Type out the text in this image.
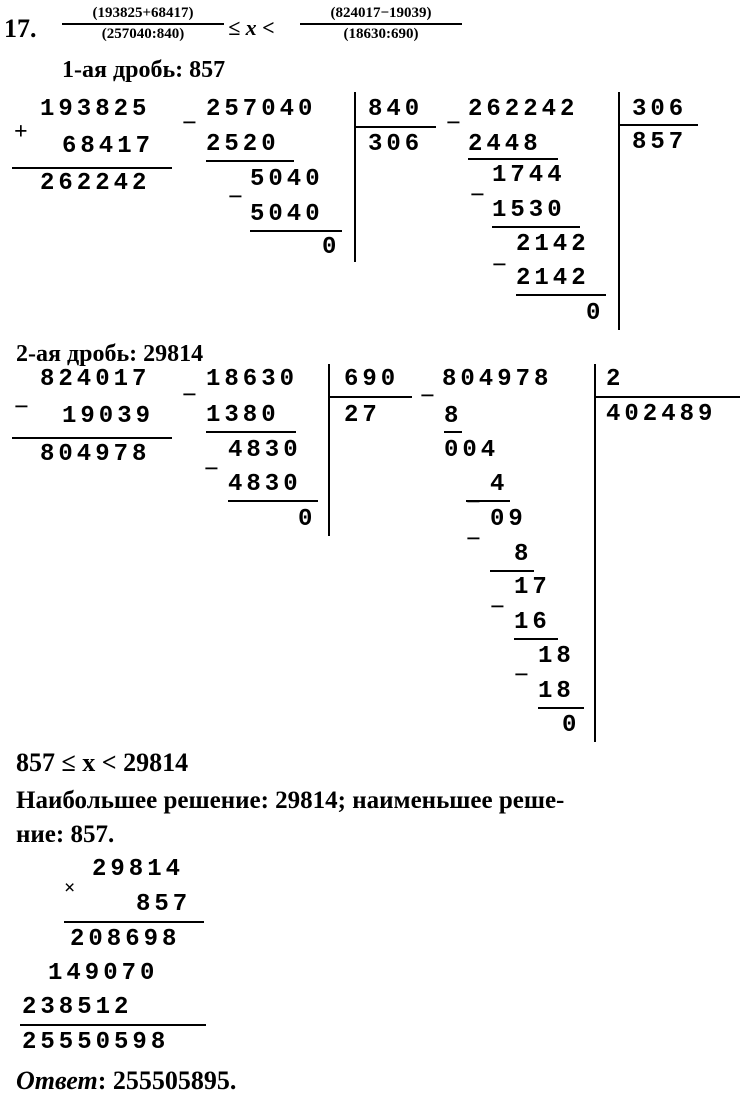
17.
(193825+68417)
(257040:840)	≤ x <
(824017−19039)
(18630:690)
1-ая дробь: 857
+
193825
68417
262242
− 257040 840
306
2520
−
5040
5040
0
− 262242 306
857
2448
−
1744
1530
−
2142
2142
0
2-ая дробь: 29814
−
824017
19039
804978
−
18630 690
27
1380
−
4830
4830
0
−
804978 2
402489
8
004
4
09
−
8
17
−
16
18
−
18
0
857 ≤ x < 29814
Наибольшее решение: 29814; наименьшее реше-
ние: 857.
×
29814
857
208698
149070
238512
25550598
Ответ: 255505895.
